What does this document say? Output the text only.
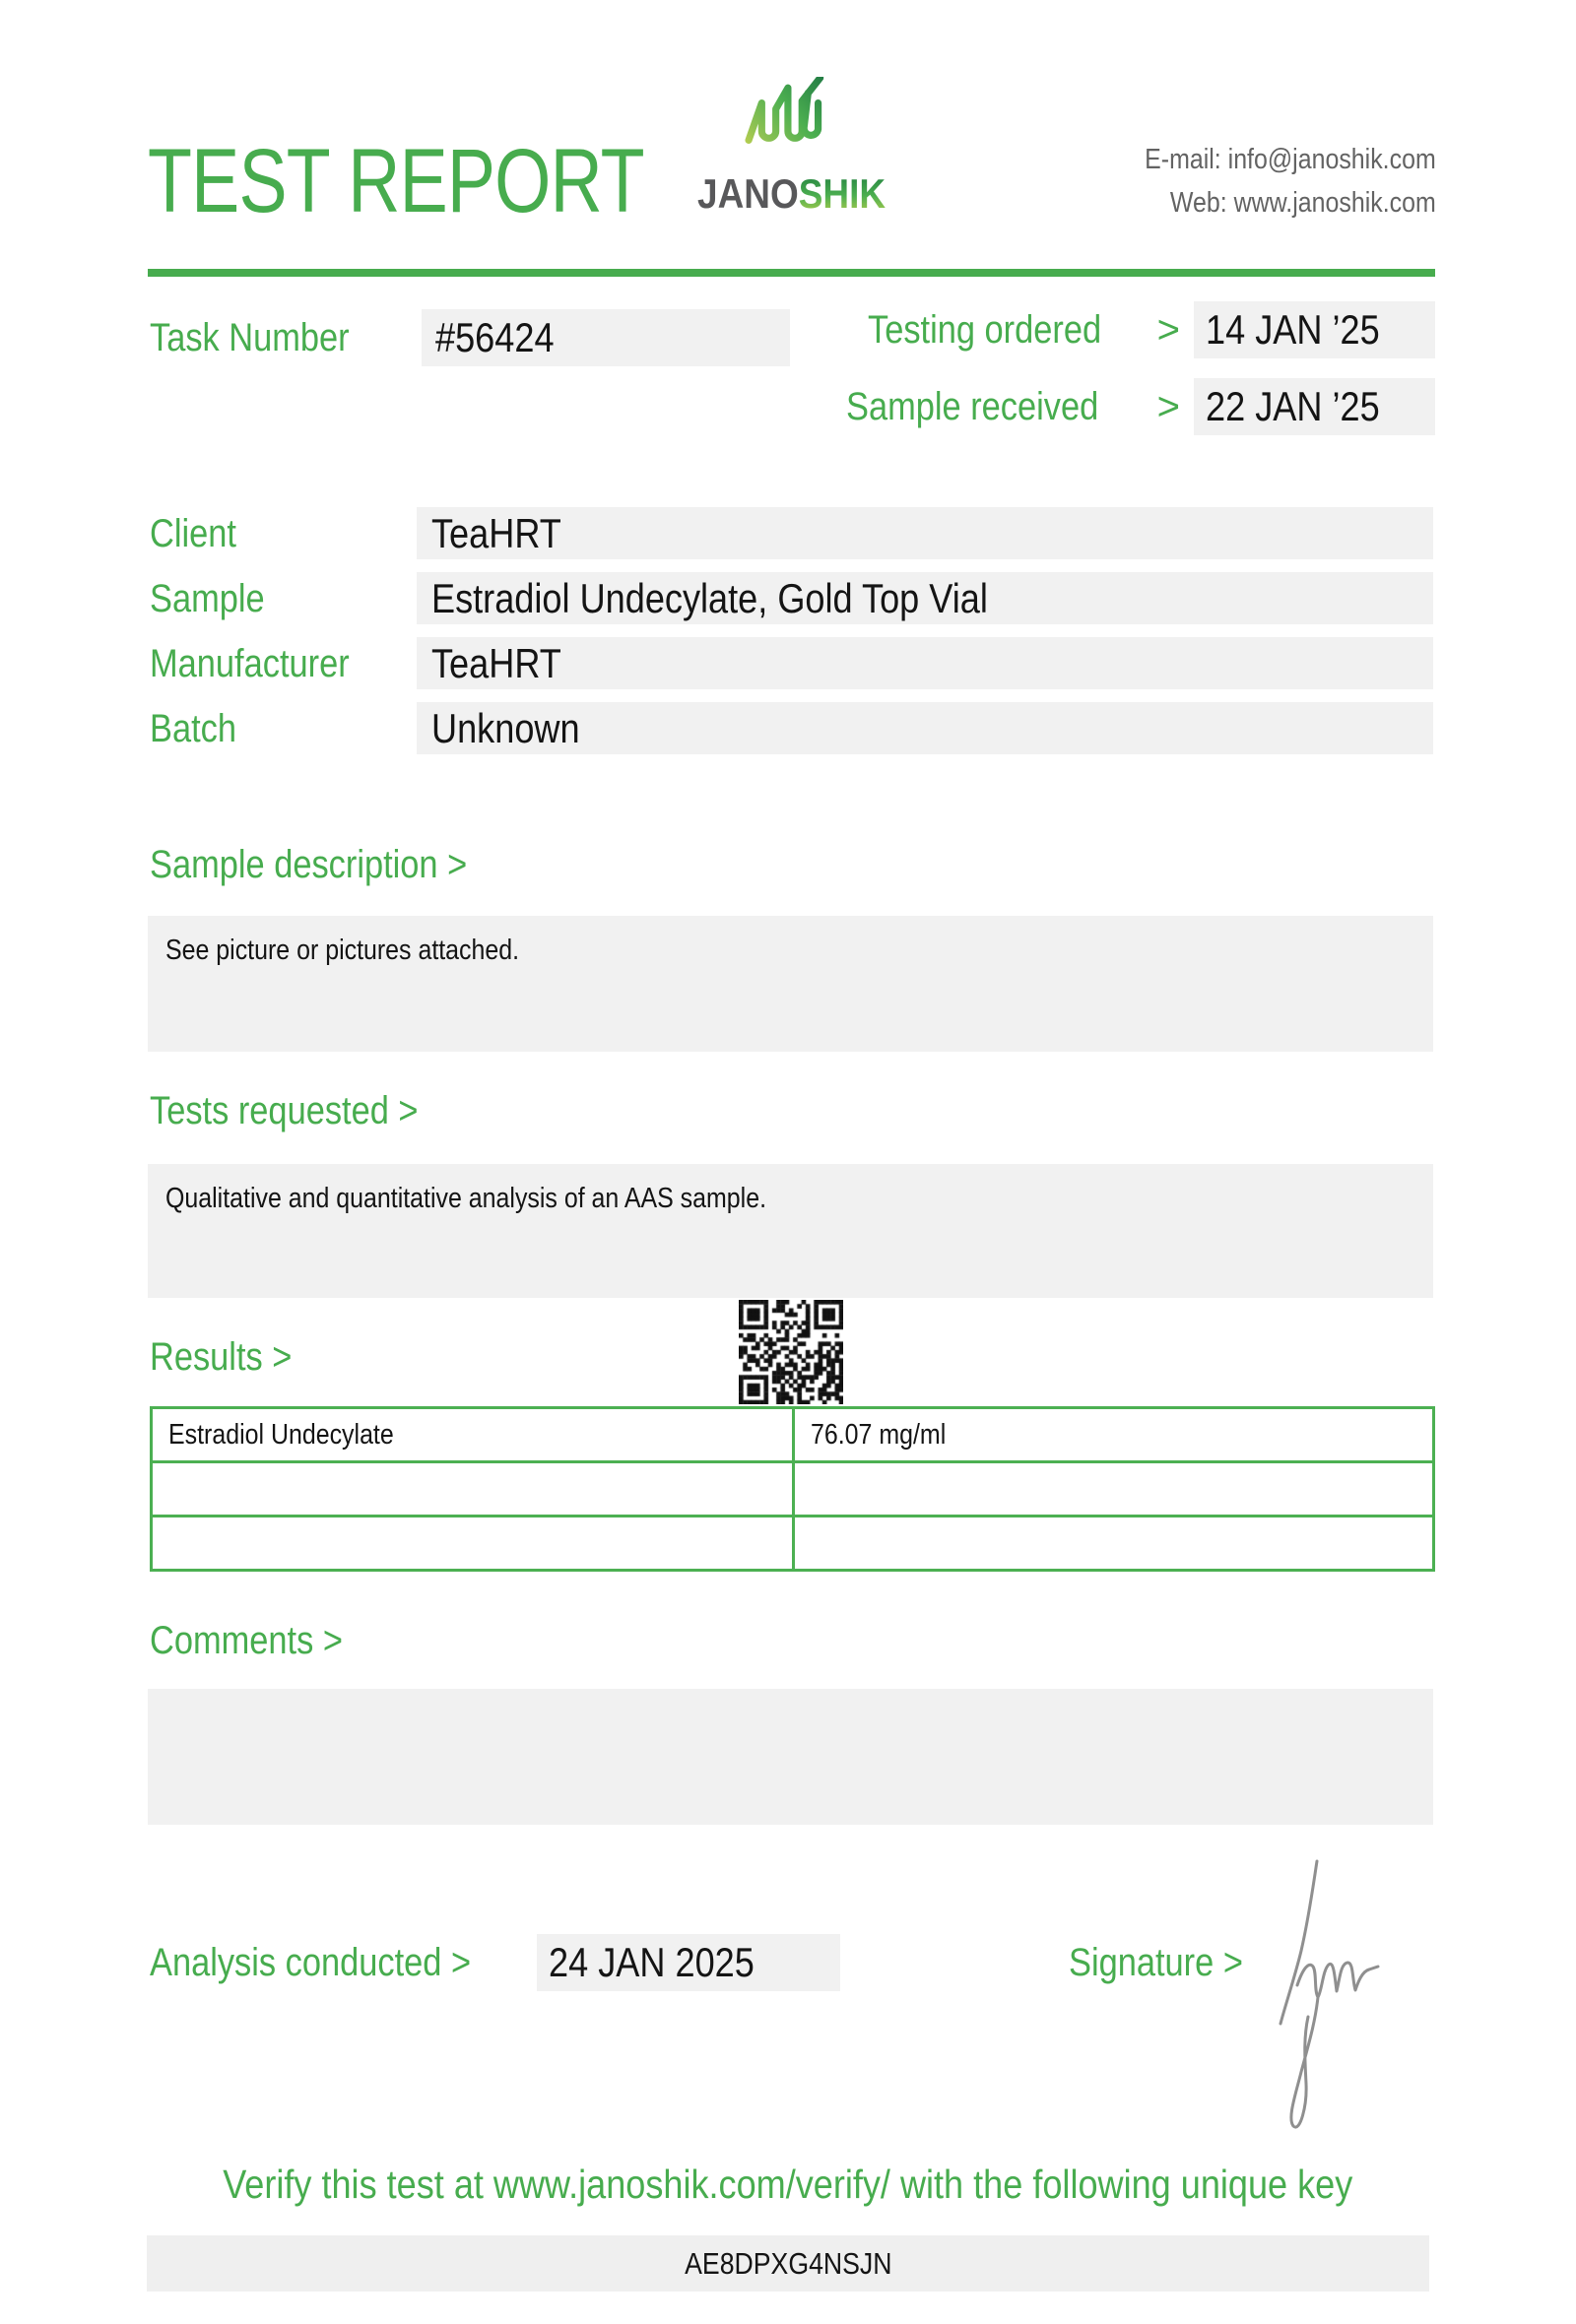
TEST REPORT	JANOSHIK
E-mail: info@janoshik.com
Web: www.janoshik.com
Task Number	#56424	Testing ordered	> 14 JAN ’25
Sample received	> 22 JAN ’25
Client	TeaHRT
Sample	Estradiol Undecylate, Gold Top Vial
Manufacturer	TeaHRT
Batch	Unknown
Sample description >
See picture or pictures attached.
Tests requested >
Qualitative and quantitative analysis of an AAS sample.
Results >
Estradiol Undecylate	76.07 mg/ml

Comments >
Analysis conducted >	24 JAN 2025	Signature >
Verify this test at www.janoshik.com/verify/ with the following unique key
AE8DPXG4NSJN
